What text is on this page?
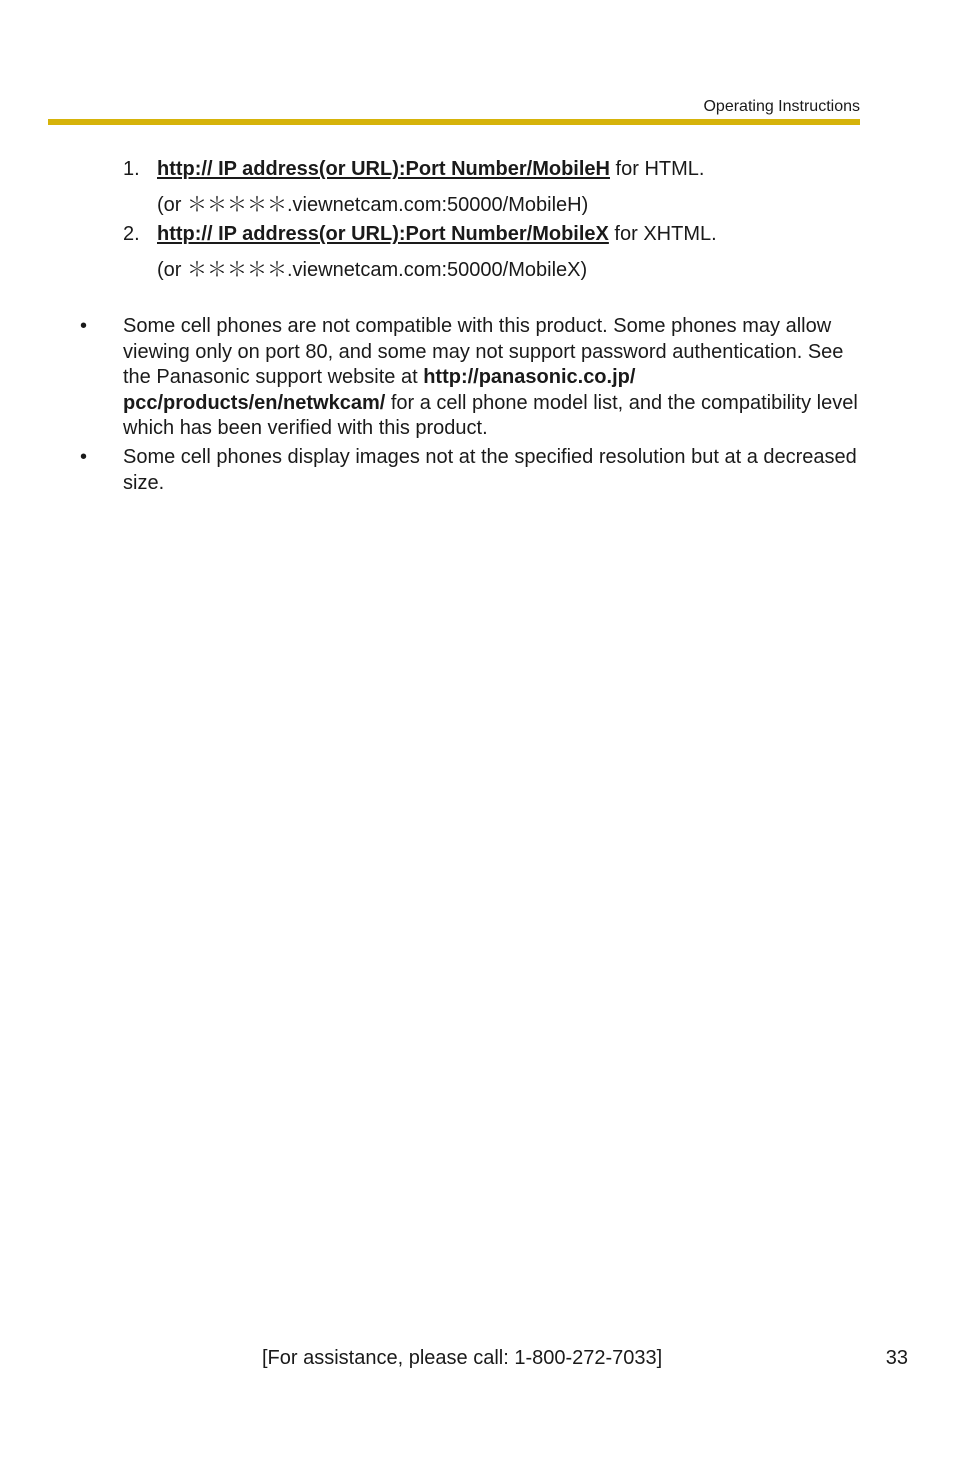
Operating Instructions
1. http:// IP address(or URL):Port Number/MobileH for HTML.
(or ＊＊＊＊＊.viewnetcam.com:50000/MobileH)
2. http:// IP address(or URL):Port Number/MobileX for XHTML.
(or ＊＊＊＊＊.viewnetcam.com:50000/MobileX)
• Some cell phones are not compatible with this product. Some phones may allow viewing only on port 80, and some may not support password authentication. See the Panasonic support website at http://panasonic.co.jp/ pcc/products/en/netwkcam/ for a cell phone model list, and the compatibility level which has been verified with this product.
• Some cell phones display images not at the specified resolution but at a decreased size.
[For assistance, please call: 1-800-272-7033]	33
